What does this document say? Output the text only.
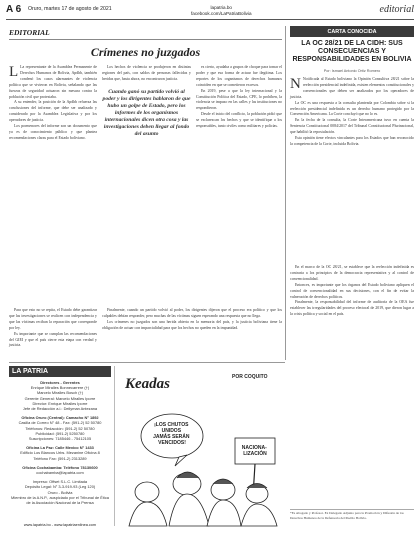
A 6 Oruro, martes 17 de agosto de 2021	lapatria.bo
facebook.com/LaPatriaBolivia	editorial
EDITORIAL
Crímenes no juzgados

L La representante de la Asamblea Permanente de Derechos Humanos de Bolivia, Apdhb, también condenó los casos alarmantes de violencia política que se vivieron en Bolivia, señalando que las fuerzas de seguridad actuaron sin mesura contra la población civil que protestaba.

A su entender, la posición de la Apdhb refuerza las conclusiones del informe, que debe ser analizado y considerado por la Asamblea Legislativa y por los operadores de justicia.

Los pormenores del informe son un documento que ya es de conocimiento público y que plantea recomendaciones claras para el Estado boliviano.

Los hechos de violencia se produjeron en distintas regiones del país, con saldos de personas fallecidas y heridas que, hasta ahora, no encontraron justicia.

Cuando ganó su partido volvió al poder y los dirigentes hablaron de que hubo un golpe de Estado, pero los informes de los organismos internacionales dicen otra cosa y las investigaciones deben llegar al fondo del asunto

es cierto, ayudaba a grupos de choque para tomar el poder y que esa forma de actuar fue ilegítima. Los reportes de los organismos de derechos humanos coinciden en que se cometieron excesos.

En 2019, pese a que la ley internacional y la Constitución Política del Estado, CPE, lo prohíben, la violencia se impuso en las calles y las instituciones no respondieron.

Desde el inicio del conflicto, la población pidió que se esclarezcan los hechos y que se identifique a los responsables, tanto civiles como militares y policías.

Para que esto no se repita, el Estado debe garantizar que las investigaciones se realicen con independencia y que las víctimas reciban la reparación que corresponde por ley.

Es importante que se cumplan las recomendaciones del GIEI y que el país cierre esta etapa con verdad y justicia.

Finalmente, cuando un partido volvió al poder, los dirigentes dijeron que el proceso era político y que los culpables debían responder, pero muchas de las víctimas siguen esperando una respuesta que no llega.

Los crímenes no juzgados son una herida abierta en la memoria del país, y la justicia boliviana tiene la obligación de actuar con imparcialidad para que los hechos no queden en la impunidad.

CARTA CONOCIDA
LA OC 28/21 DE LA CIDH: SUS CONSECUENCIAS Y RESPONSABILIDADES EN BOLIVIA
Por: Ismael Antonio Ortiz Romero

N Notificada al Estado boliviano la Opinión Consultiva 28/21 sobre la reelección presidencial indefinida, existen elementos constitucionales y convencionales que deben ser analizados por los operadores de justicia.

La OC es una respuesta a la consulta planteada por Colombia sobre si la reelección presidencial indefinida es un derecho humano protegido por la Convención Americana. La Corte concluyó que no lo es.

En la fecha de la consulta, la Corte Interamericana tuvo en cuenta la Sentencia Constitucional 0084/2017 del Tribunal Constitucional Plurinacional, que habilitó la repostulación.

Esta opinión tiene efectos vinculantes para los Estados que han reconocido la competencia de la Corte, incluida Bolivia.

En el marco de la OC 28/21, se establece que la reelección indefinida es contraria a los principios de la democracia representativa y al control de convencionalidad.

Entonces, es importante que los órganos del Estado boliviano apliquen el control de convencionalidad en sus decisiones, con el fin de evitar la vulneración de derechos políticos.

Finalmente, la responsabilidad del informe de auditoría de la OEA fue establecer las irregularidades del proceso electoral de 2019, que dieron lugar a la crisis política y social en el país.

*Es Abogado y Profesor. Ex Delegado Adjunto para la Promoción y Difusión de los Derechos Humanos de la Defensoría del Pueblo Bolivia.
LA PATRIA
Directores - Gerentes
Enrique Miralles Bonnecarrere (†)
Marcelo Miralles Bosch (†)
Gerente General: Marcelo Miralles Iporre
Director: Enrique Miralles Iporre
Jefe de Redacción a.i.: Deilyman Antezana
Oficina Oruro (Central): Camacho N° 1892
Casilla de Correo N° 48 - Fax: (591-2) 52 50780
Teléfonos: Redacción: (591-2) 52 50780
Publicidad: (591-2) 5250780
Suscripciones: 7185446 - 75412105
Oficina La Paz: Calle Mexico N° 1433
Edificio Los Blancos Urbs. Mezanine Oficina 8
Teléfono Fax: (591-2) 2313289
Oficina Cochabamba: Teléfono 78130600
cochabamba@lapatria.com
Impreso: Offset S.L.C. Limitada
Depósito Legal: N° 3-3-919-93 (Leg 120)
Oruro - Bolivia
Miembro de la A.N.P., auspiciado por el Tribunal de Ética de la Asociación Nacional de la Prensa
www.lapatria.bo - www.lapatriaenlinea.com
Keadas	POR COQUITO
¡LOS CHUTOS UNIDOS JAMÁS SERÁN VENCIDOS!
NACIONA- LIZACIÓN
